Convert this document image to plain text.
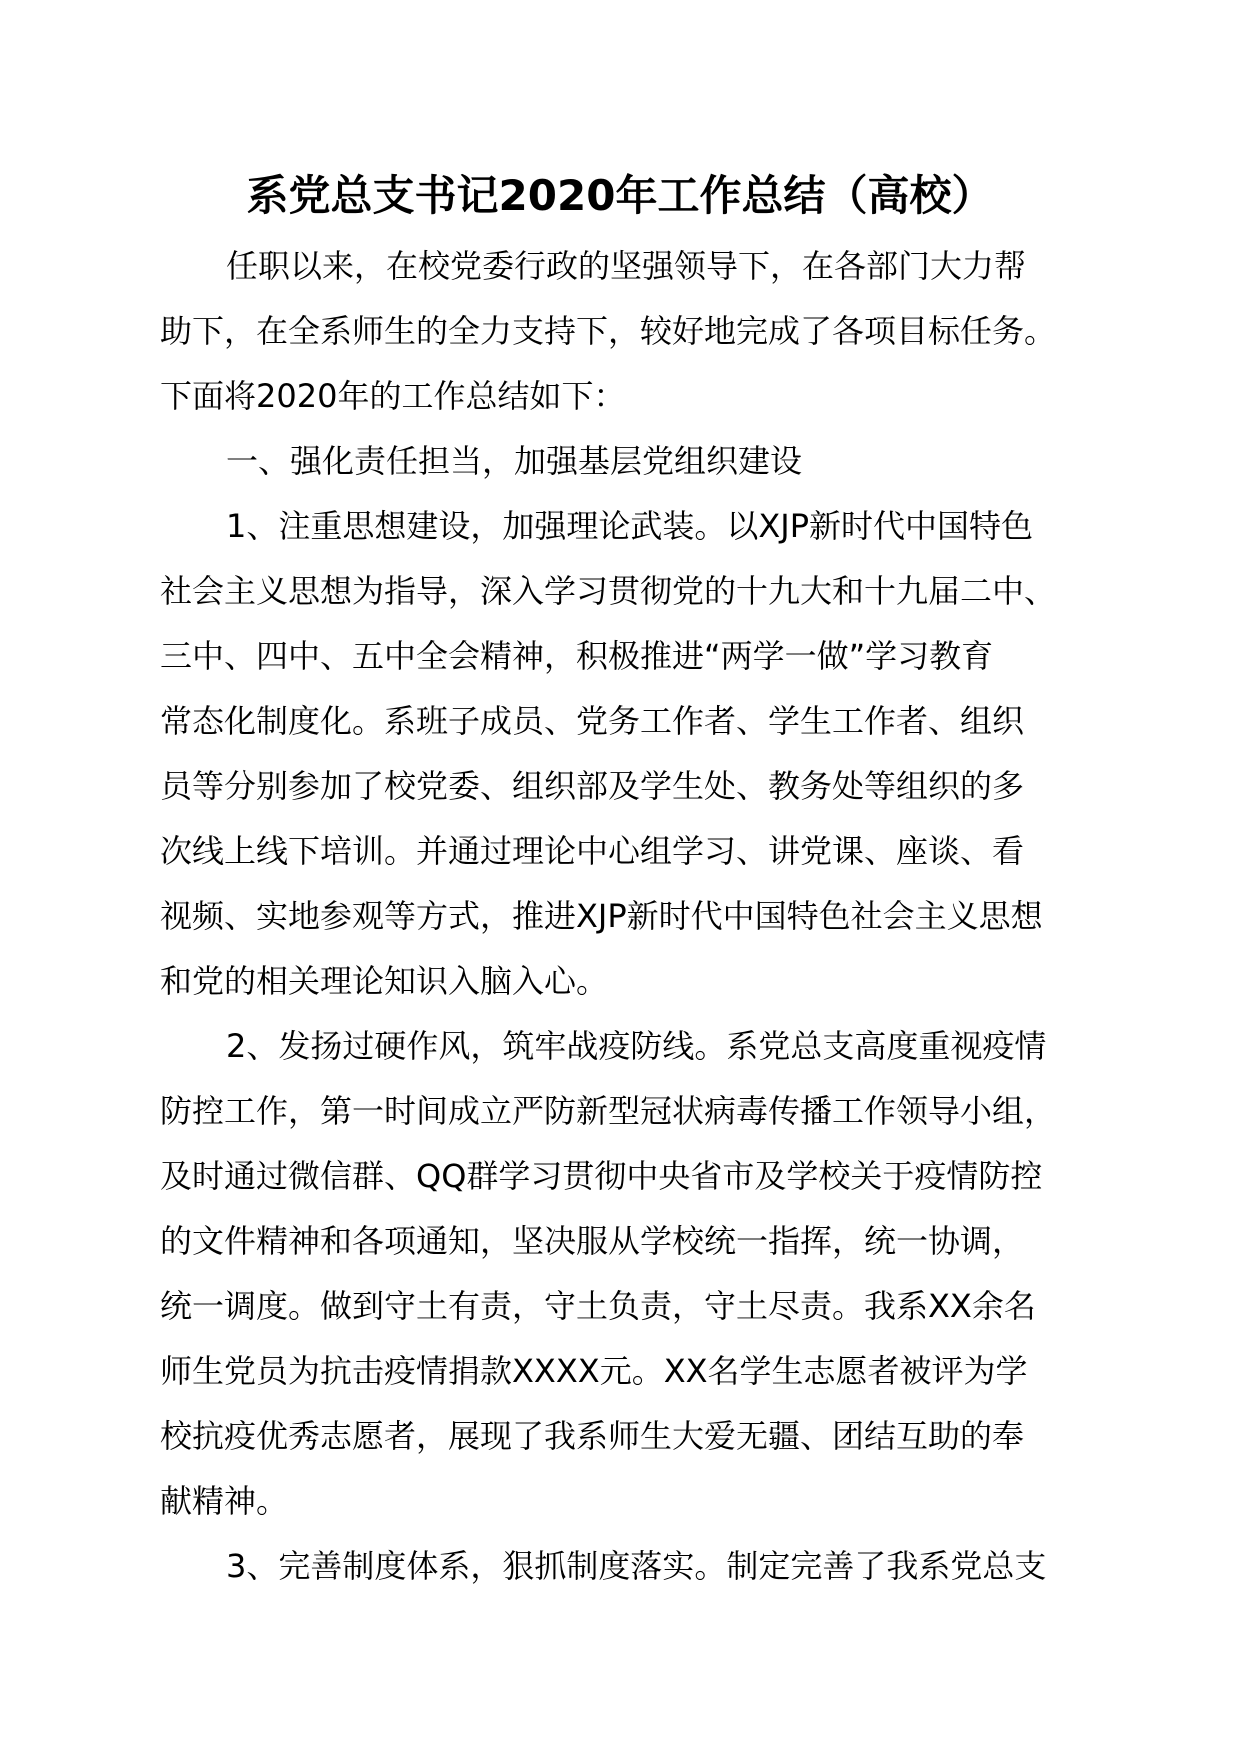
系党总支书记2020年工作总结（高校）
任职以来，在校党委行政的坚强领导下，在各部门大力帮
助下，在全系师生的全力支持下，较好地完成了各项目标任务。
下面将2020年的工作总结如下：
一、强化责任担当，加强基层党组织建设
1、注重思想建设，加强理论武装。以XJP新时代中国特色
社会主义思想为指导，深入学习贯彻党的十九大和十九届二中、
三中、四中、五中全会精神，积极推进“两学一做”学习教育
常态化制度化。系班子成员、党务工作者、学生工作者、组织
员等分别参加了校党委、组织部及学生处、教务处等组织的多
次线上线下培训。并通过理论中心组学习、讲党课、座谈、看
视频、实地参观等方式，推进XJP新时代中国特色社会主义思想
和党的相关理论知识入脑入心。
2、发扬过硬作风，筑牢战疫防线。系党总支高度重视疫情
防控工作，第一时间成立严防新型冠状病毒传播工作领导小组，
及时通过微信群、QQ群学习贯彻中央省市及学校关于疫情防控
的文件精神和各项通知，坚决服从学校统一指挥，统一协调，
统一调度。做到守土有责，守土负责，守土尽责。我系XX余名
师生党员为抗击疫情捐款XXXX元。XX名学生志愿者被评为学
校抗疫优秀志愿者，展现了我系师生大爱无疆、团结互助的奉
献精神。
3、完善制度体系，狠抓制度落实。制定完善了我系党总支
